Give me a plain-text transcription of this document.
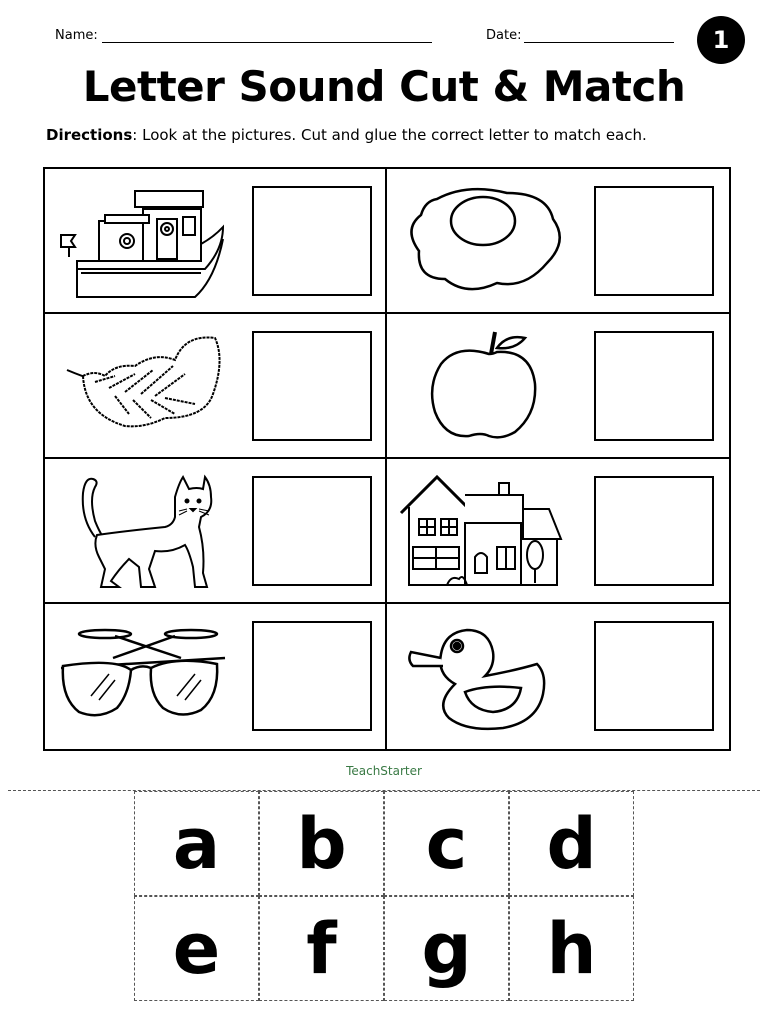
Name:	Date:	1
Letter Sound Cut & Match
Directions: Look at the pictures. Cut and glue the correct letter to match each.
TeachStarter
a	b	c	d
e	f	g	h
